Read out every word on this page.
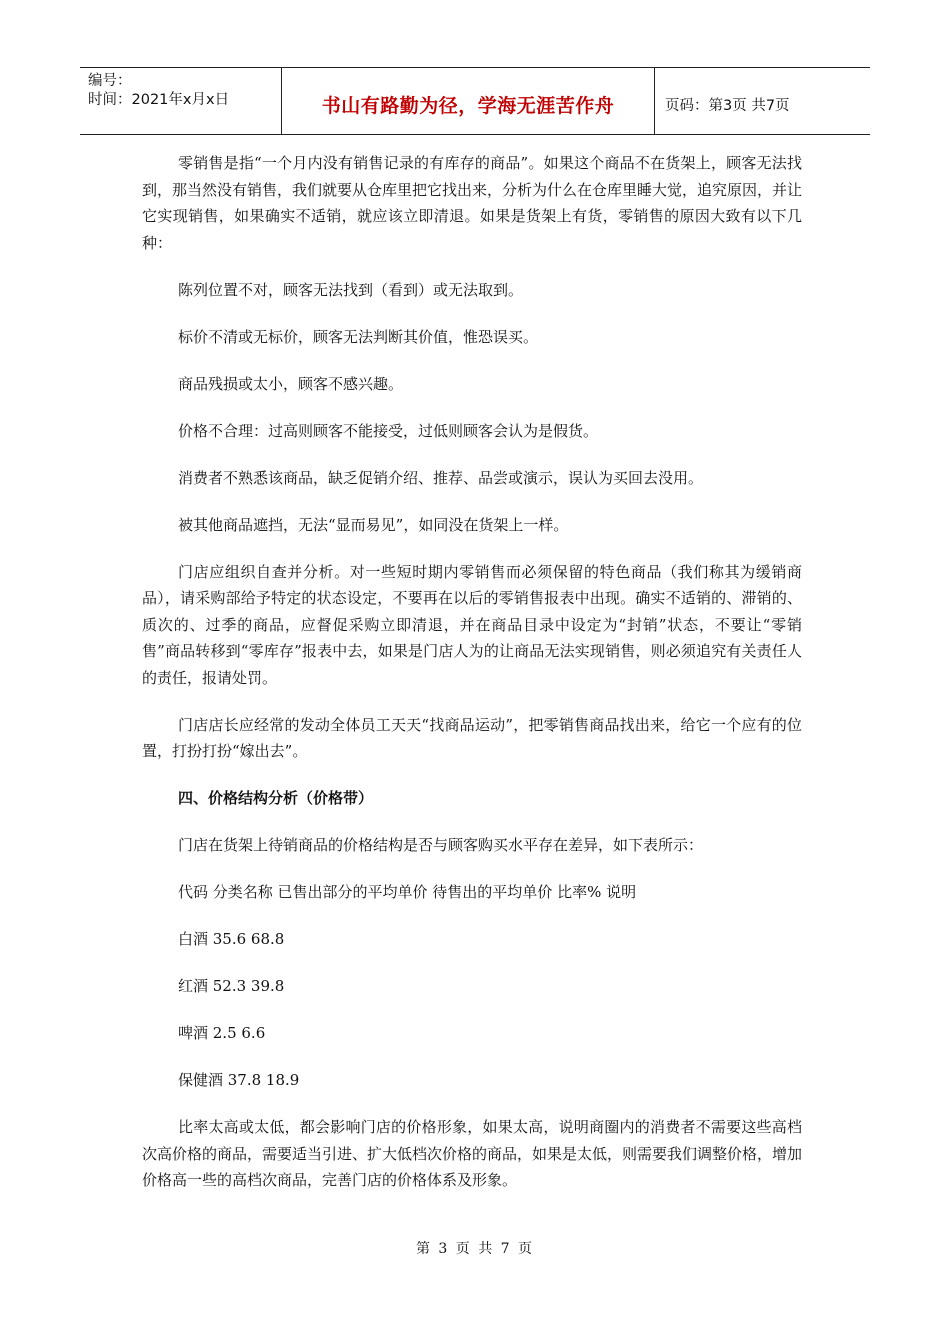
编号：
时间：2021年x月x日	书山有路勤为径，学海无涯苦作舟	页码：第3页 共7页

零销售是指“一个月内没有销售记录的有库存的商品”。如果这个商品不在货架上，顾客无法找到，那当然没有销售，我们就要从仓库里把它找出来，分析为什么在仓库里睡大觉，追究原因，并让它实现销售，如果确实不适销，就应该立即清退。如果是货架上有货，零销售的原因大致有以下几种：

陈列位置不对，顾客无法找到（看到）或无法取到。

标价不清或无标价，顾客无法判断其价值，惟恐误买。

商品残损或太小，顾客不感兴趣。

价格不合理：过高则顾客不能接受，过低则顾客会认为是假货。

消费者不熟悉该商品，缺乏促销介绍、推荐、品尝或演示，误认为买回去没用。

被其他商品遮挡，无法“显而易见”，如同没在货架上一样。

门店应组织自查并分析。对一些短时期内零销售而必须保留的特色商品（我们称其为缓销商品），请采购部给予特定的状态设定，不要再在以后的零销售报表中出现。确实不适销的、滞销的、质次的、过季的商品，应督促采购立即清退，并在商品目录中设定为“封销”状态，不要让“零销售”商品转移到“零库存”报表中去，如果是门店人为的让商品无法实现销售，则必须追究有关责任人的责任，报请处罚。

门店店长应经常的发动全体员工天天“找商品运动”，把零销售商品找出来，给它一个应有的位置，打扮打扮“嫁出去”。

四、价格结构分析（价格带）

门店在货架上待销商品的价格结构是否与顾客购买水平存在差异，如下表所示：

代码 分类名称 已售出部分的平均单价 待售出的平均单价 比率% 说明

白酒 35.6 68.8

红酒 52.3 39.8

啤酒 2.5 6.6

保健酒 37.8 18.9

比率太高或太低，都会影响门店的价格形象，如果太高，说明商圈内的消费者不需要这些高档次高价格的商品，需要适当引进、扩大低档次价格的商品，如果是太低，则需要我们调整价格，增加价格高一些的高档次商品，完善门店的价格体系及形象。

第 3 页 共 7 页
